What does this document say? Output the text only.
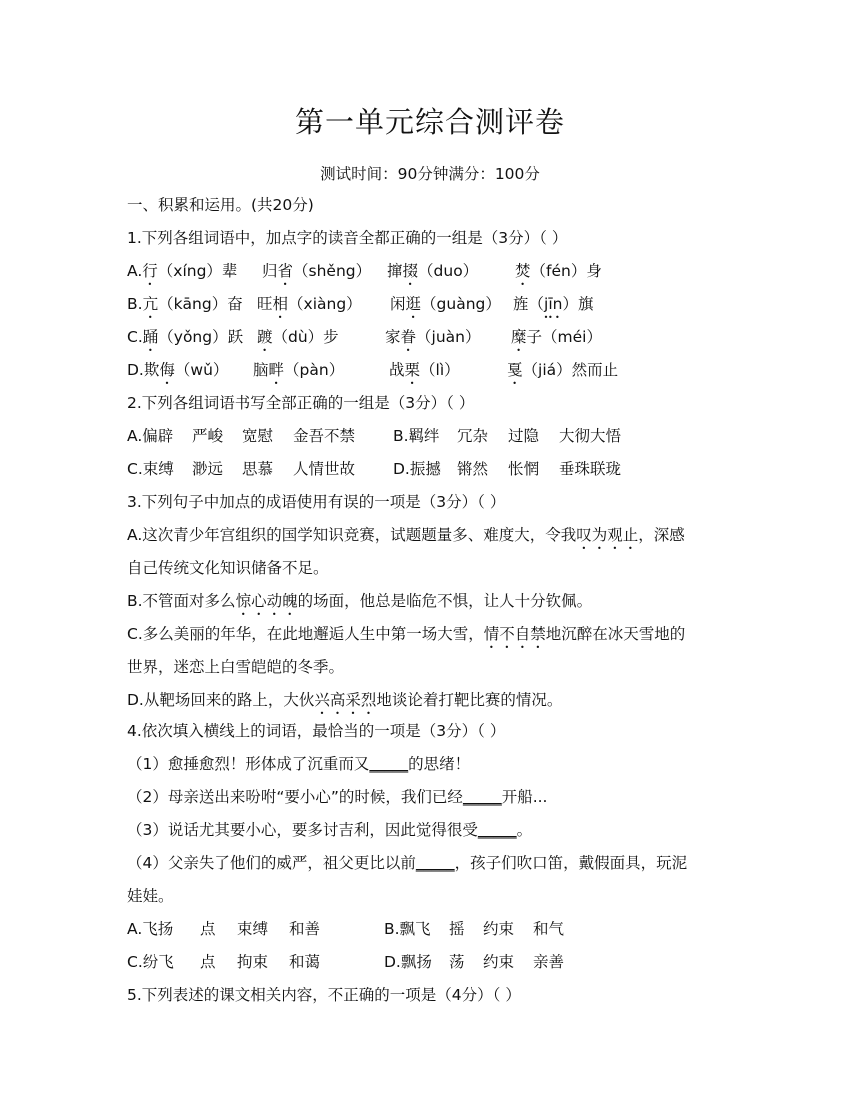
第一单元综合测评卷
测试时间：90分钟满分：100分
一、积累和运用。(共20分)
1.下列各组词语中，加点字的读音全都正确的一组是（3分）（ ）
A.行（xíng）辈 归省（shěng） 撺掇（duo） 焚（fén）身
B.亢（kāng）奋 旺相（xiàng） 闲逛（guàng） 旌（jīn）旗
C.踊（yǒng）跃 踱（dù）步	家眷（juàn） 糜子（méi）
D.欺侮（wǔ） 脑畔（pàn）	战栗（lì）	戛（jiá）然而止
2.下列各组词语书写全部正确的一组是（3分）（ ）
A.偏辟 严峻 宽慰 金吾不禁 B.羁绊 冗杂 过隐 大彻大悟
C.束缚 渺远 思慕 人情世故 D.振撼 锵然 怅惘 垂珠联珑
3.下列句子中加点的成语使用有误的一项是（3分）（ ）
A.这次青少年宫组织的国学知识竞赛，试题题量多、难度大，令我叹为观止，深感
自己传统文化知识储备不足。
B.不管面对多么惊心动魄的场面，他总是临危不惧，让人十分钦佩。
C.多么美丽的年华，在此地邂逅人生中第一场大雪，情不自禁地沉醉在冰天雪地的
世界，迷恋上白雪皑皑的冬季。
D.从靶场回来的路上，大伙兴高采烈地谈论着打靶比赛的情况。
4.依次填入横线上的词语，最恰当的一项是（3分）（ ）
（1）愈捶愈烈！形体成了沉重而又_____的思绪！
（2）母亲送出来吩咐“要小心”的时候，我们已经_____开船...
（3）说话尤其要小心，要多讨吉利，因此觉得很受_____。
（4）父亲失了他们的威严，祖父更比以前_____，孩子们吹口笛，戴假面具，玩泥
娃娃。
A.飞扬 点 束缚 和善	B.飘飞 摇 约束 和气
C.纷飞 点 拘束 和蔼	D.飘扬 荡 约束 亲善
5.下列表述的课文相关内容，不正确的一项是（4分）（ ）
